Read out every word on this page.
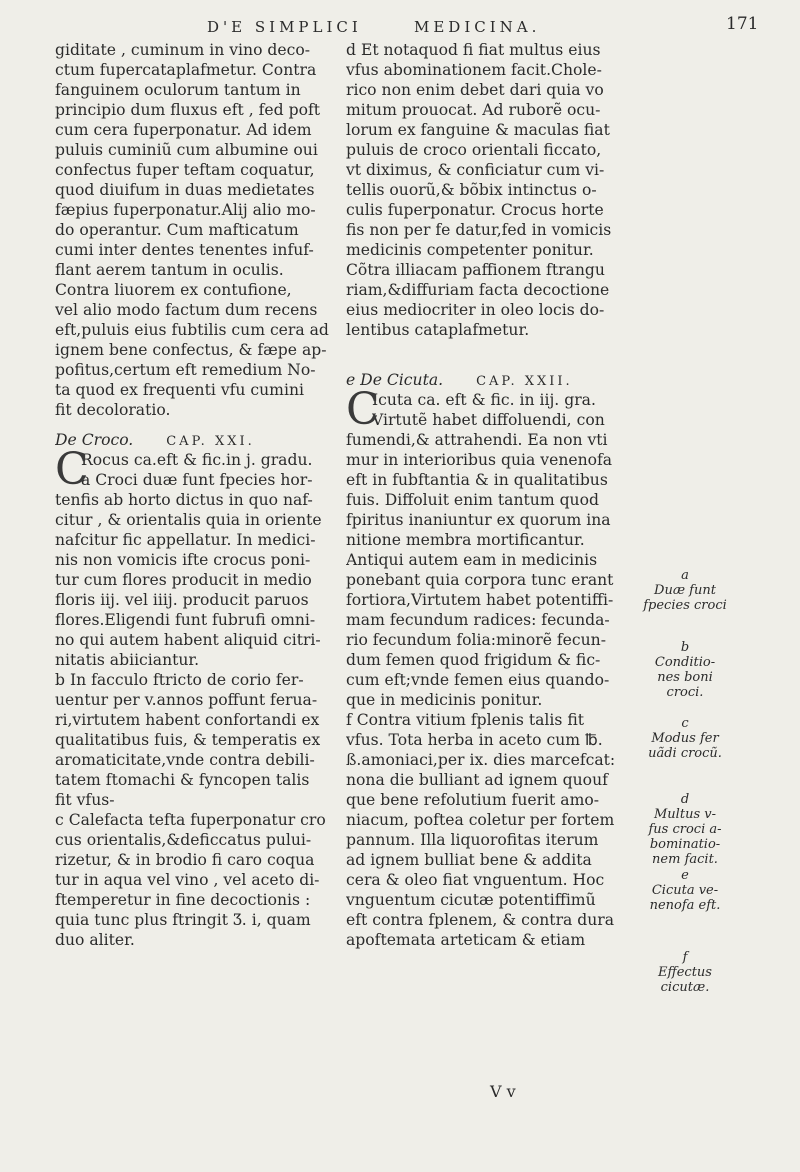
D'E SIMPLICI	MEDICINA.	171
giditate , cuminum in vino deco-
ctum fupercataplafmetur. Contra
fanguinem oculorum tantum in
principio dum fluxus eft , fed poft
cum cera fuperponatur. Ad idem
puluis cuminiũ cum albumine oui
confectus fuper teftam coquatur,
quod diuifum in duas medietates
fæpius fuperponatur.Alij alio mo-
do operantur. Cum mafticatum
cumi inter dentes tenentes infuf-
flant aerem tantum in oculis.
Contra liuorem ex contufione,
vel alio modo factum dum recens
eft,puluis eius fubtilis cum cera ad
ignem bene confectus, & fæpe ap-
pofitus,certum eft remedium No-
ta quod ex frequenti vfu cumini
fit decoloratio.
De Croco.	CAP. XXI.
C
Rocus ca.eft & fic.in j. gradu.
a Croci duæ funt fpecies hor-
tenfis ab horto dictus in quo naf-
citur , & orientalis quia in oriente
nafcitur fic appellatur. In medici-
nis non vomicis ifte crocus poni-
tur cum flores producit in medio
floris iij. vel iiij. producit paruos
flores.Eligendi funt fubrufi omni-
no qui autem habent aliquid citri-
nitatis abiiciantur.
b In facculo ftricto de corio fer-
uentur per v.annos poffunt ferua-
ri,virtutem habent confortandi ex
qualitatibus fuis, & temperatis ex
aromaticitate,vnde contra debili-
tatem ftomachi & fyncopen talis
fit vfus-
c Calefacta tefta fuperponatur cro
cus orientalis,&deficcatus pului-
rizetur, & in brodio fi caro coqua
tur in aqua vel vino , vel aceto di-
ftemperetur in fine decoctionis :
quia tunc plus ftringit Ʒ. i, quam
duo aliter.
d Et notaquod fi fiat multus eius
vfus abominationem facit.Chole-
rico non enim debet dari quia vo
mitum prouocat. Ad ruborẽ ocu-
lorum ex fanguine & maculas fiat
puluis de croco orientali ficcato,
vt diximus, & conficiatur cum vi-
tellis ouorũ,& bõbix intinctus o-
culis fuperponatur. Crocus horte
fis non per fe datur,fed in vomicis
medicinis competenter ponitur.
Cõtra illiacam paffionem ftrangu
riam,&diffuriam facta decoctione
eius mediocriter in oleo locis do-
lentibus cataplafmetur.
e De Cicuta.	CAP. XXII.
C
Icuta ca. eft & fic. in iij. gra.
Virtutẽ habet diffoluendi, con
fumendi,& attrahendi. Ea non vti
mur in interioribus quia venenofa
eft in fubftantia & in qualitatibus
fuis. Diffoluit enim tantum quod
fpiritus inaniuntur ex quorum ina
nitione membra mortificantur.
Antiqui autem eam in medicinis
ponebant quia corpora tunc erant
fortiora,Virtutem habet potentiffi-
mam fecundum radices: fecunda-
rio fecundum folia:minorẽ fecun-
dum femen quod frigidum & fic-
cum eft;vnde femen eius quando-
que in medicinis ponitur.
f Contra vitium fplenis talis fit
vfus. Tota herba in aceto cum ℔.
ß.amoniaci,per ix. dies marcefcat:
nona die bulliant ad ignem quouf
que bene refolutium fuerit amo-
niacum, poftea coletur per fortem
pannum. Illa liquorofitas iterum
ad ignem bulliat bene & addita
cera & oleo fiat vnguentum. Hoc
vnguentum cicutæ potentiffimũ
eft contra fplenem, & contra dura
apoftemata arteticam & etiam
a
Duæ funt
fpecies croci
b
Conditio-
nes boni
croci.
c
Modus fer
uãdi crocũ.
d
Multus v-
fus croci a-
bominatio-
nem facit.
e
Cicuta ve-
nenofa eft.
f
Effectus
cicutæ.
V v
